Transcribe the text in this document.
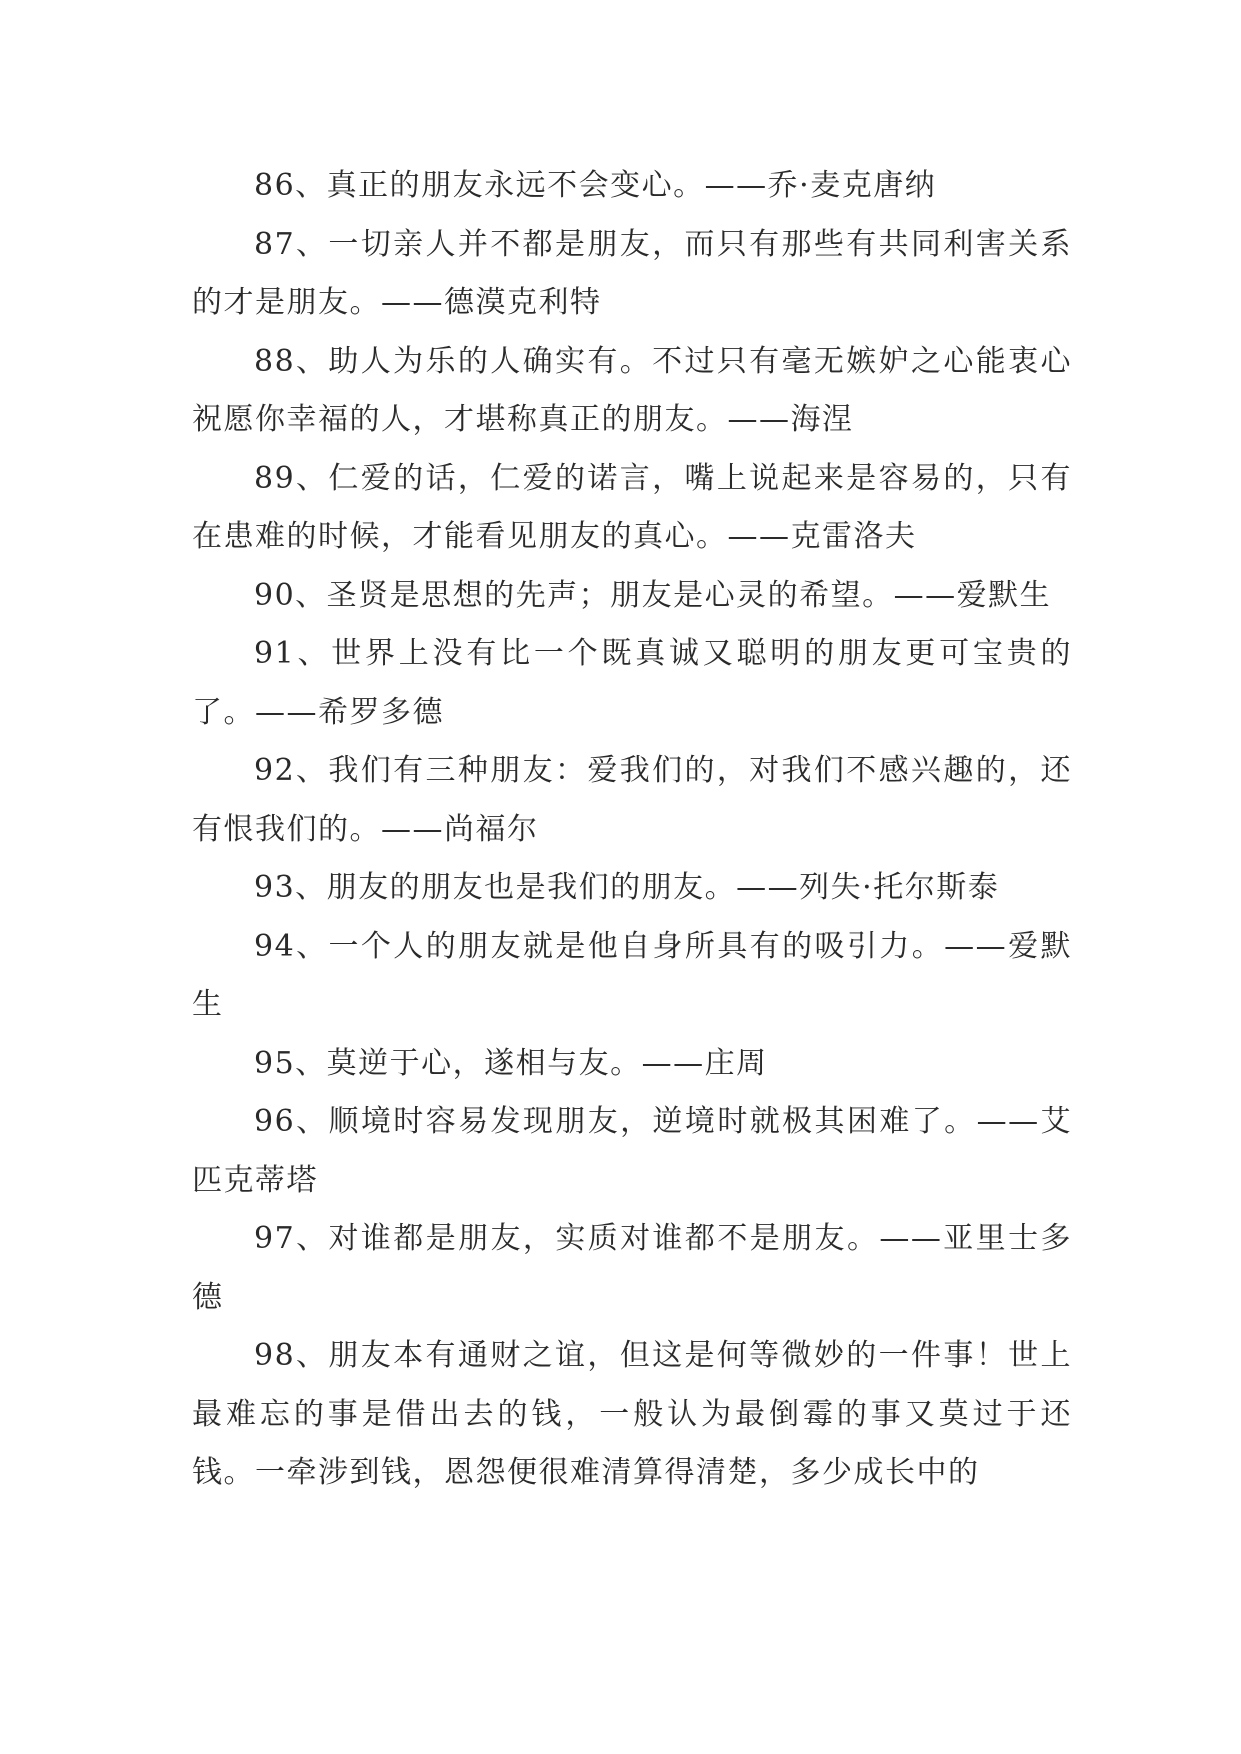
86、真正的朋友永远不会变心。——乔·麦克唐纳

87、一切亲人并不都是朋友，而只有那些有共同利害关系的才是朋友。——德漠克利特

88、助人为乐的人确实有。不过只有毫无嫉妒之心能衷心祝愿你幸福的人，才堪称真正的朋友。——海涅

89、仁爱的话，仁爱的诺言，嘴上说起来是容易的，只有在患难的时候，才能看见朋友的真心。——克雷洛夫

90、圣贤是思想的先声；朋友是心灵的希望。——爱默生

91、世界上没有比一个既真诚又聪明的朋友更可宝贵的了。——希罗多德

92、我们有三种朋友：爱我们的，对我们不感兴趣的，还有恨我们的。——尚福尔

93、朋友的朋友也是我们的朋友。——列失·托尔斯泰

94、一个人的朋友就是他自身所具有的吸引力。——爱默生

95、莫逆于心，遂相与友。——庄周

96、顺境时容易发现朋友，逆境时就极其困难了。——艾匹克蒂塔

97、对谁都是朋友，实质对谁都不是朋友。——亚里士多德

98、朋友本有通财之谊，但这是何等微妙的一件事！世上最难忘的事是借出去的钱，一般认为最倒霉的事又莫过于还钱。一牵涉到钱，恩怨便很难清算得清楚，多少成长中的
